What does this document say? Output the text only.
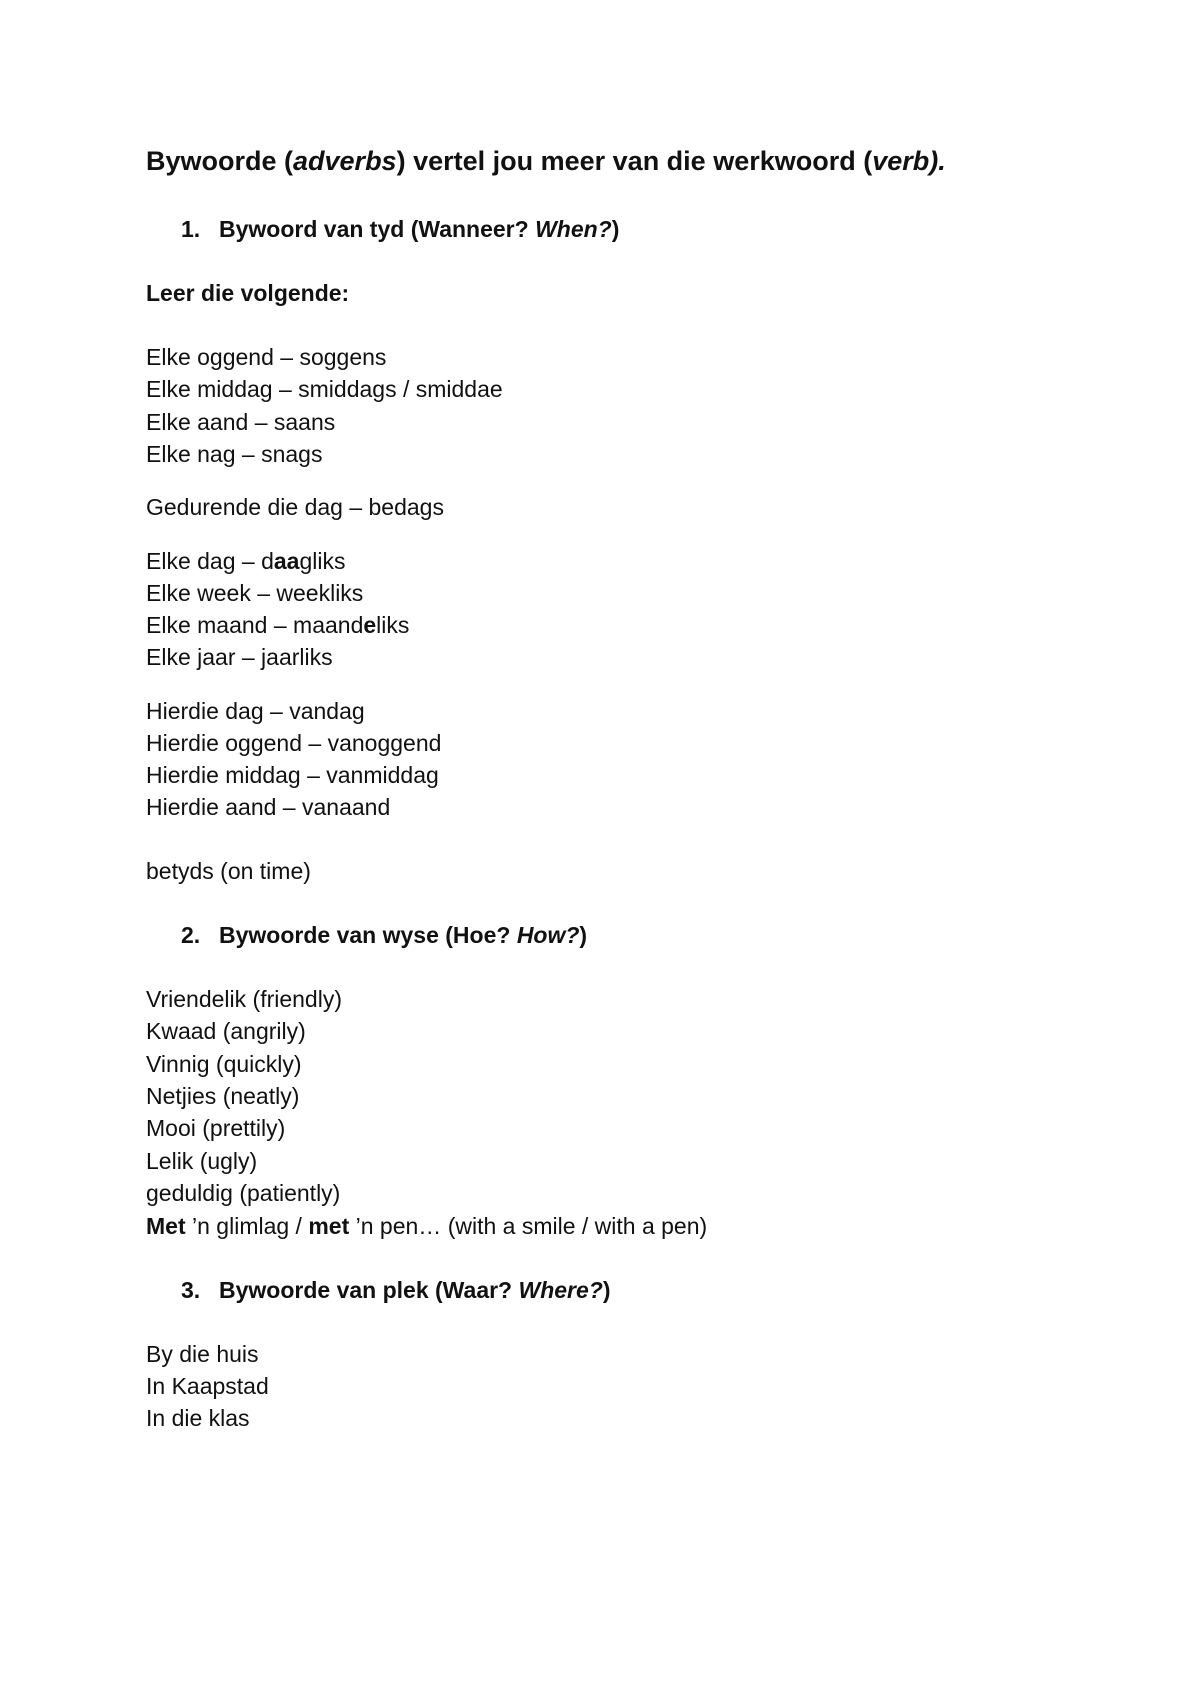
Bywoorde (adverbs) vertel jou meer van die werkwoord (verb).
1. Bywoord van tyd (Wanneer? When?)
Leer die volgende:
Elke oggend – soggens
Elke middag – smiddags / smiddae
Elke aand – saans
Elke nag – snags
Gedurende die dag – bedags
Elke dag – daagliks
Elke week – weekliks
Elke maand – maandeliks
Elke jaar – jaarliks
Hierdie dag – vandag
Hierdie oggend – vanoggend
Hierdie middag – vanmiddag
Hierdie aand – vanaand
betyds (on time)
2. Bywoorde van wyse (Hoe? How?)
Vriendelik (friendly)
Kwaad (angrily)
Vinnig (quickly)
Netjies (neatly)
Mooi (prettily)
Lelik (ugly)
geduldig (patiently)
Met ’n glimlag / met ’n pen… (with a smile / with a pen)
3. Bywoorde van plek (Waar? Where?)
By die huis
In Kaapstad
In die klas
